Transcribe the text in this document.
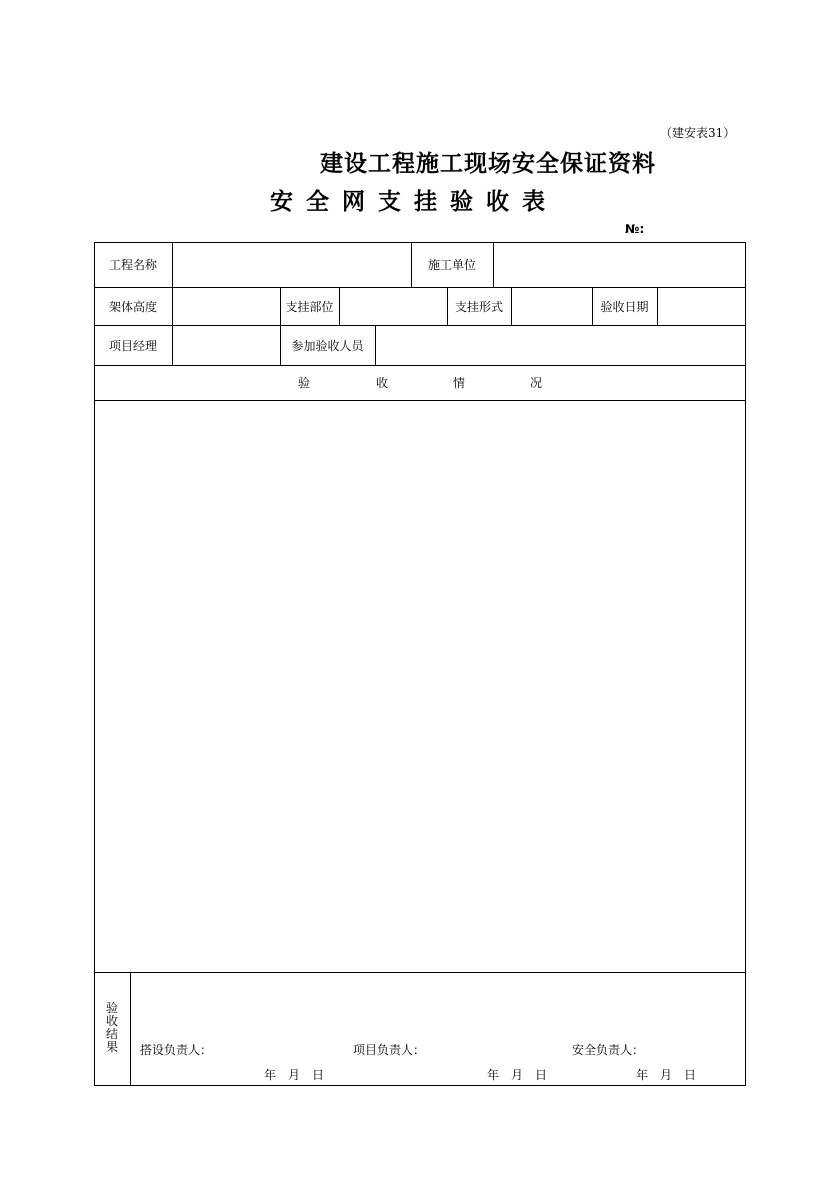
（建安表31）
建设工程施工现场安全保证资料
安全网支挂验收表
№:
工程名称	施工单位
架体高度	支挂部位	支挂形式	验收日期
项目经理	参加验收人员
验	收	情	况
验收结果 搭设负责人：	项目负责人：	安全负责人：
年　月　日	年　月　日	年　月　日
